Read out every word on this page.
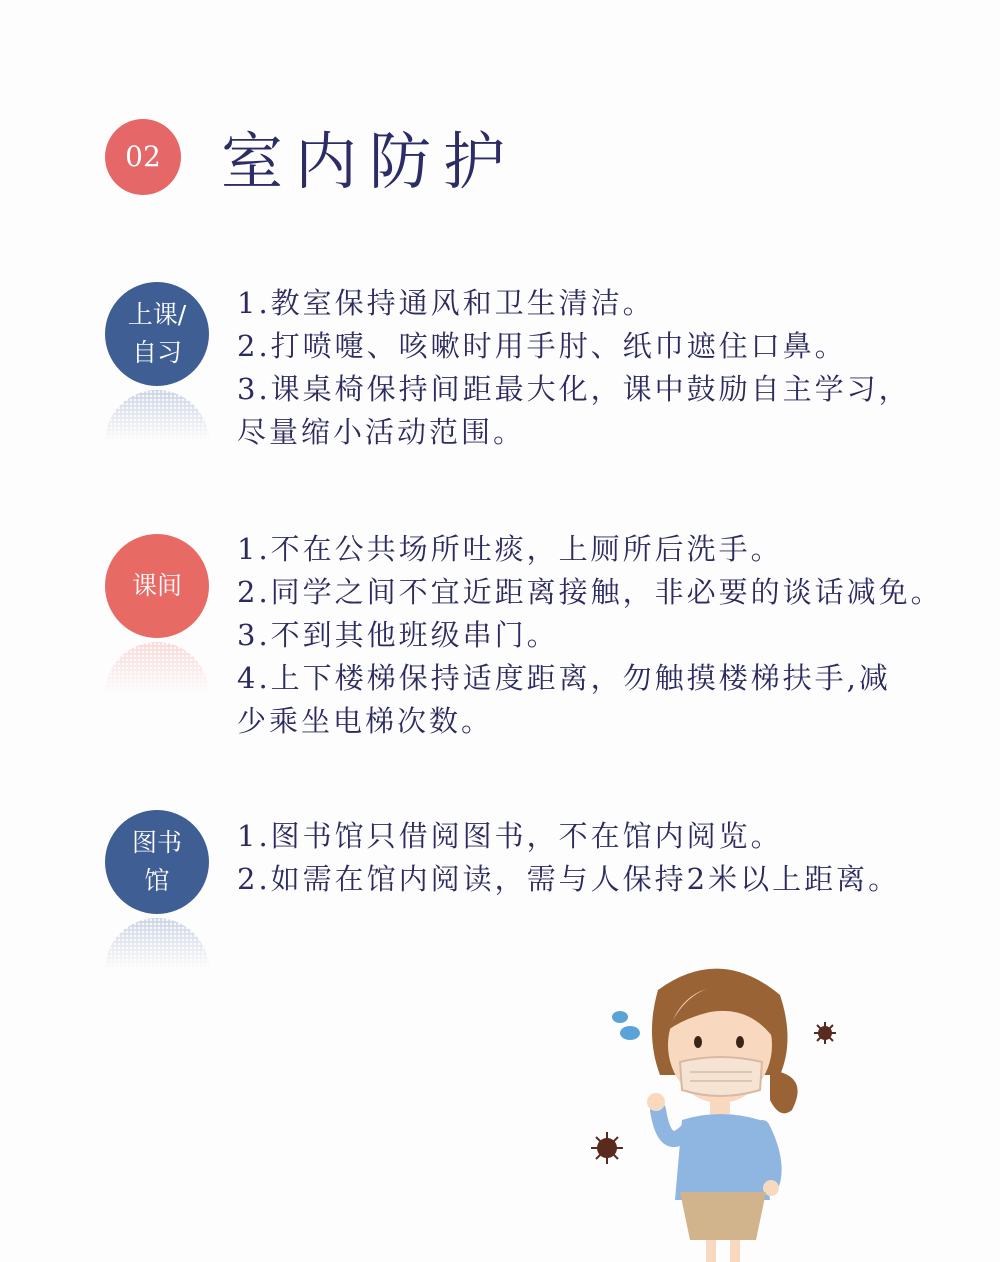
02 室内防护
上课/
自习
1.教室保持通风和卫生清洁。
2.打喷嚏、咳嗽时用手肘、纸巾遮住口鼻。
3.课桌椅保持间距最大化，课中鼓励自主学习，
尽量缩小活动范围。
课间
1.不在公共场所吐痰，上厕所后洗手。
2.同学之间不宜近距离接触，非必要的谈话减免。
3.不到其他班级串门。
4.上下楼梯保持适度距离，勿触摸楼梯扶手,减
少乘坐电梯次数。
图书
馆
1.图书馆只借阅图书，不在馆内阅览。
2.如需在馆内阅读，需与人保持2米以上距离。
